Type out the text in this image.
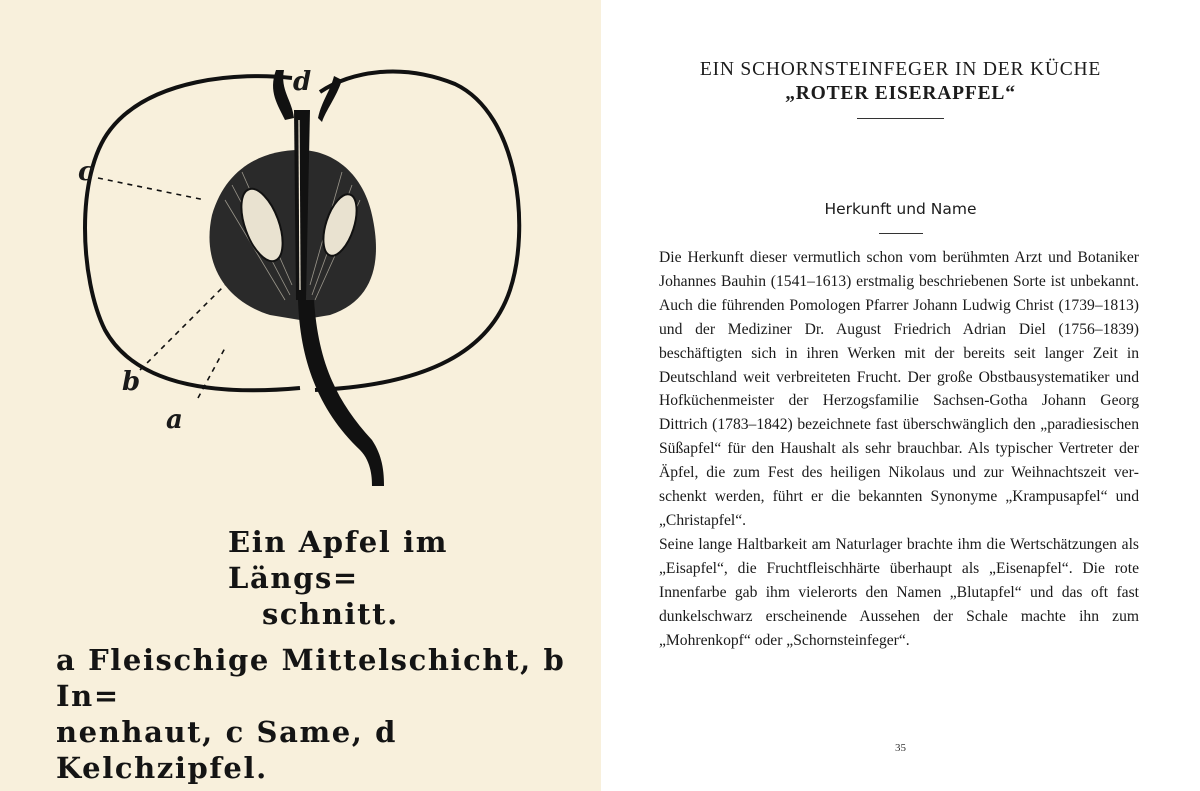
d
c
b
a
Ein Apfel im Längs=
schnitt.
a Fleischige Mittelschicht, b In=
nenhaut, c Same, d Kelchzipfel.
EIN SCHORNSTEINFEGER IN DER KÜCHE
„ROTER EISERAPFEL“
Herkunft und Name

Die Herkunft dieser vermutlich schon vom berühmten Arzt und Botaniker Johannes Bauhin (1541–1613) erstmalig beschriebenen Sorte ist unbekannt. Auch die führenden Pomologen Pfarrer Johann Ludwig Christ (1739–1813) und der Mediziner Dr. August Friedrich Adrian Diel (1756–1839) beschäftigten sich in ihren Werken mit der bereits seit langer Zeit in Deutschland weit verbreiteten Frucht. Der große Obstbausystematiker und Hofküchenmeister der Herzogsfamilie Sachsen-Gotha Johann Georg Dittrich (1783–1842) bezeichnete fast überschwänglich den „paradiesischen Süßapfel“ für den Haushalt als sehr brauchbar. Als typischer Vertreter der Äpfel, die zum Fest des heiligen Nikolaus und zur Weihnachtszeit verschenkt werden, führt er die bekannten Synonyme „Krampusapfel“ und „Christapfel“.

Seine lange Haltbarkeit am Naturlager brachte ihm die Wertschätzungen als „Eisapfel“, die Fruchtfleischhärte überhaupt als „Eisenapfel“. Die rote Innenfarbe gab ihm vielerorts den Namen „Blutapfel“ und das oft fast dunkelschwarz erscheinende Aussehen der Schale machte ihn zum „Mohrenkopf“ oder „Schornsteinfeger“.

35
